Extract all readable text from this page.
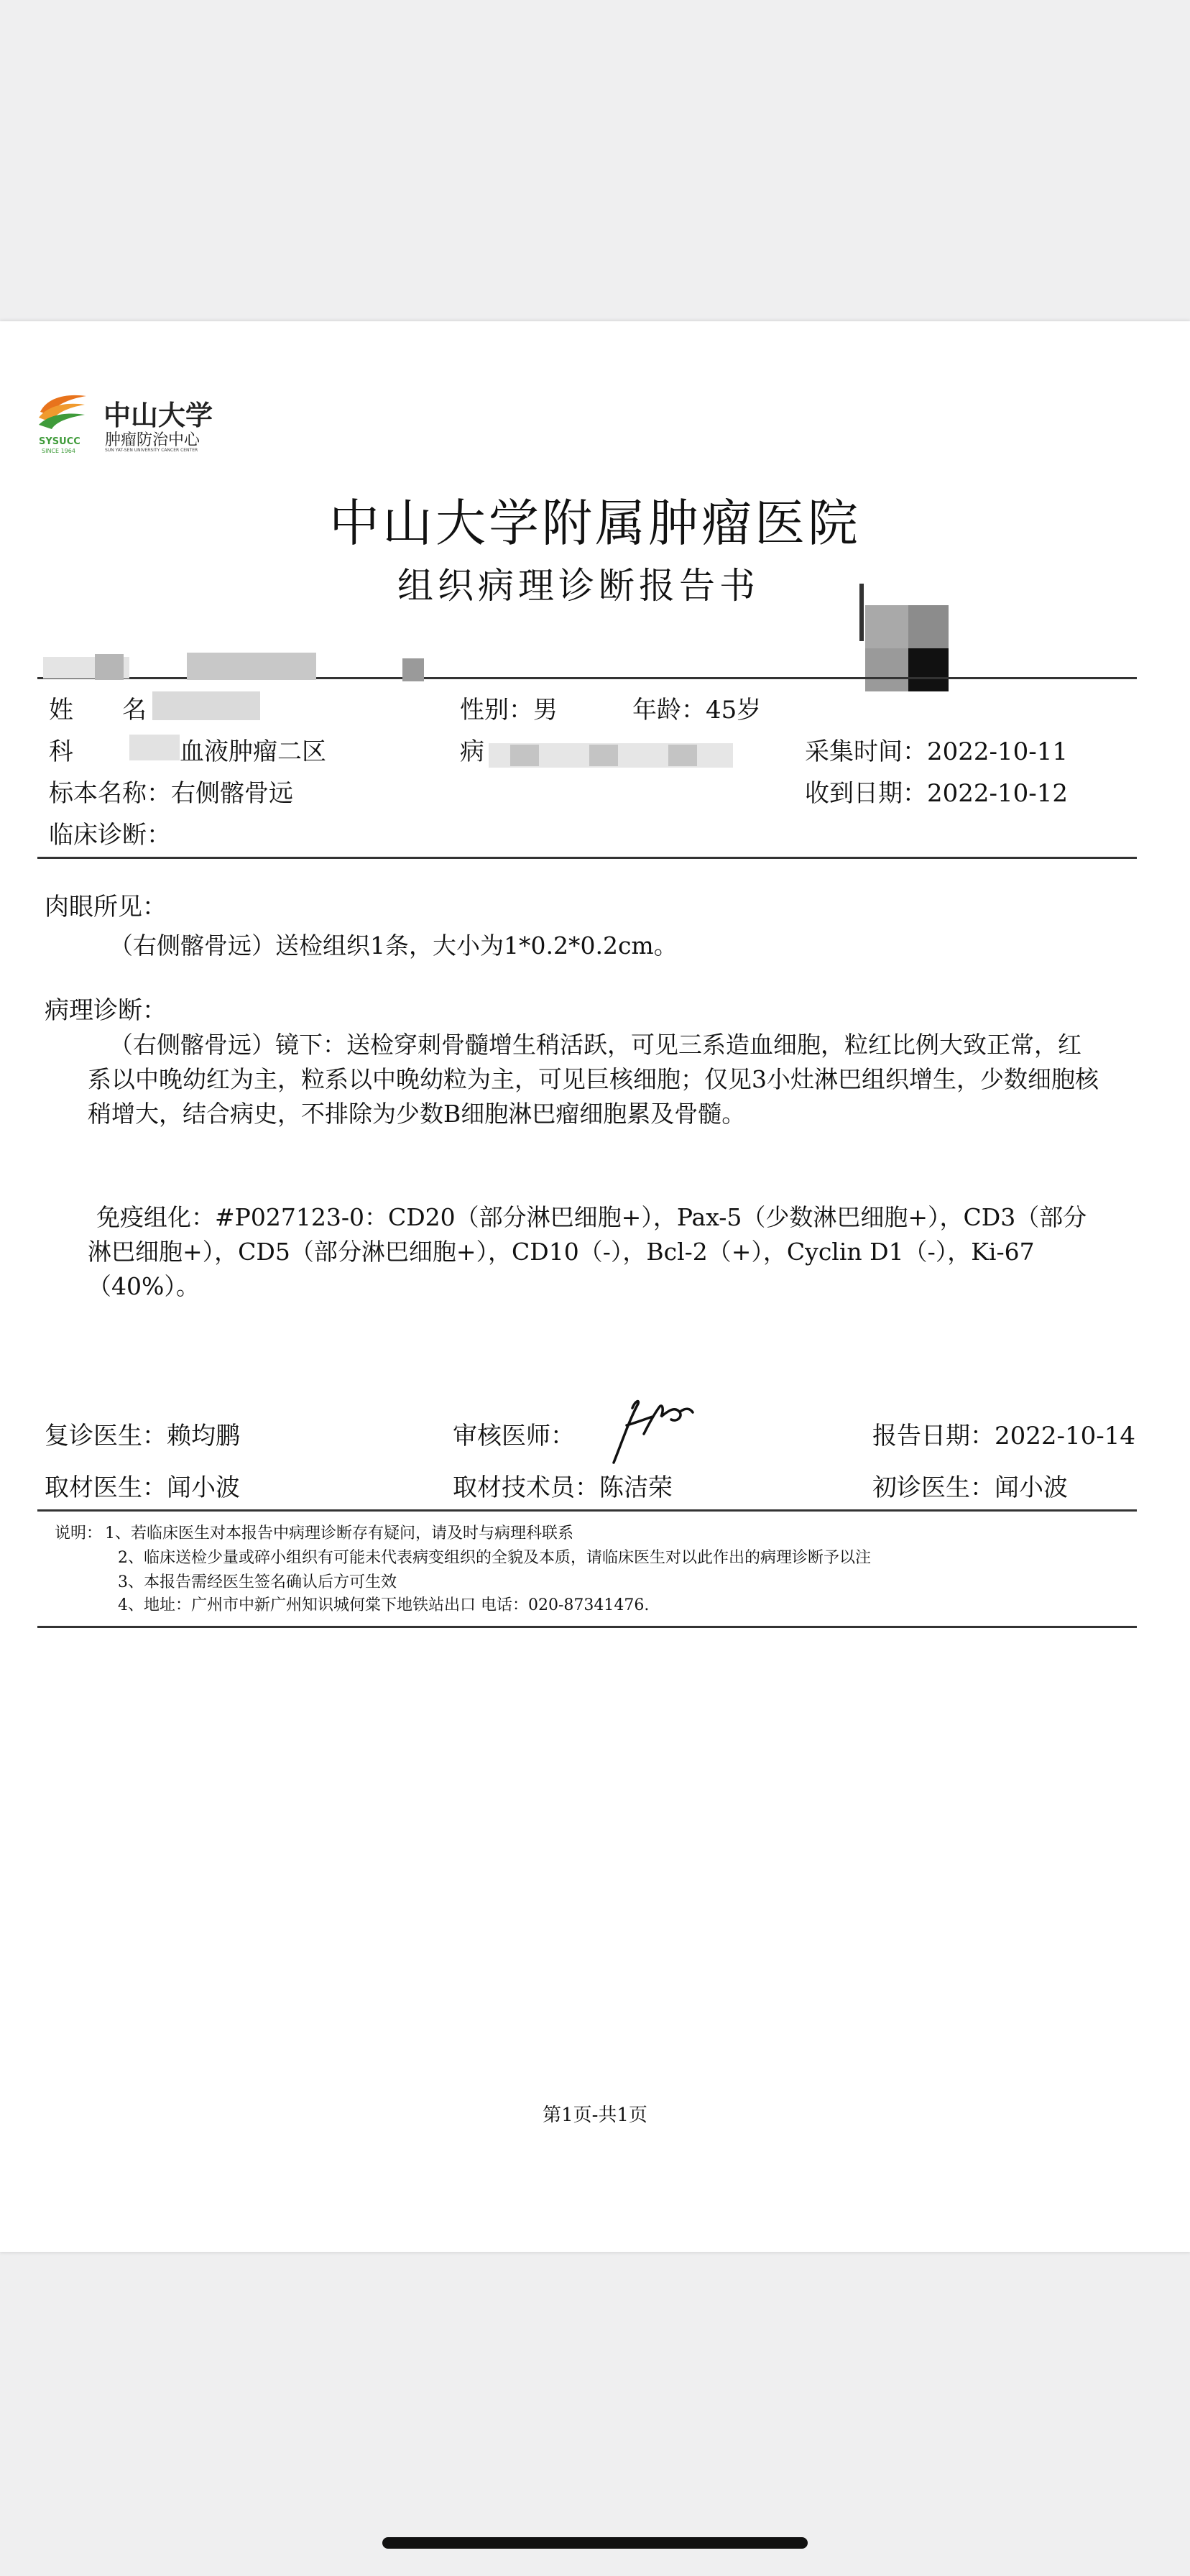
SYSUCC
SINCE 1964
中山大学
肿瘤防治中心
SUN YAT-SEN UNIVERSITY CANCER CENTER
中山大学附属肿瘤医院
组织病理诊断报告书
姓　　名	性别：男	年龄：45岁
科	血液肿瘤二区	病	采集时间：2022-10-11
标本名称：右侧髂骨远	收到日期：2022-10-12
临床诊断：
肉眼所见：
（右侧髂骨远）送检组织1条，大小为1*0.2*0.2cm。
病理诊断：
（右侧髂骨远）镜下：送检穿刺骨髓增生稍活跃，可见三系造血细胞，粒红比例大致正常，红系以中晚幼红为主，粒系以中晚幼粒为主，可见巨核细胞；仅见3小灶淋巴组织增生，少数细胞核稍增大，结合病史，不排除为少数B细胞淋巴瘤细胞累及骨髓。
免疫组化：#P027123-0：CD20（部分淋巴细胞+），Pax-5（少数淋巴细胞+），CD3（部分淋巴细胞+），CD5（部分淋巴细胞+），CD10（-），Bcl-2（+），Cyclin D1（-），Ki-67（40%）。
复诊医生：赖均鹏	审核医师：	报告日期：2022-10-14
取材医生：闻小波	取材技术员：陈洁荣	初诊医生：闻小波
说明： 1、若临床医生对本报告中病理诊断存有疑问，请及时与病理科联系
2、临床送检少量或碎小组织有可能未代表病变组织的全貌及本质，请临床医生对以此作出的病理诊断予以注
3、本报告需经医生签名确认后方可生效
4、地址：广州市中新广州知识城何棠下地铁站出口 电话：020-87341476.
第1页-共1页
